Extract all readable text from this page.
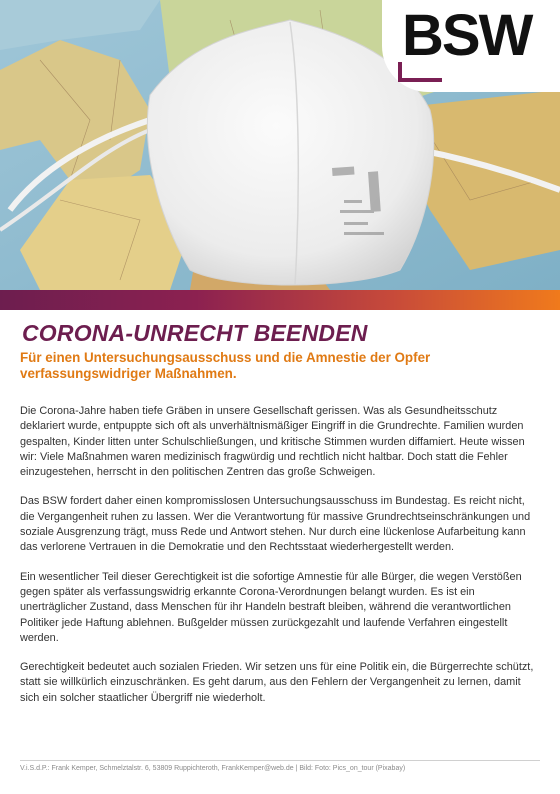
BSW
CORONA-UNRECHT BEENDEN
Für einen Untersuchungsausschuss und die Amnestie der Opfer verfassungswidriger Maßnahmen.

Die Corona-Jahre haben tiefe Gräben in unsere Gesellschaft gerissen. Was als Gesundheitsschutz deklariert wurde, entpuppte sich oft als unverhältnismäßiger Eingriff in die Grundrechte. Familien wurden gespalten, Kinder litten unter Schulschließungen, und kritische Stimmen wurden diffamiert. Heute wissen wir: Viele Maßnahmen waren medizinisch fragwürdig und rechtlich nicht haltbar. Doch statt die Fehler einzugestehen, herrscht in den politischen Zentren das große Schweigen.

Das BSW fordert daher einen kompromisslosen Untersuchungsausschuss im Bundestag. Es reicht nicht, die Vergangenheit ruhen zu lassen. Wer die Verantwortung für massive Grundrechtseinschränkungen und soziale Ausgrenzung trägt, muss Rede und Antwort stehen. Nur durch eine lückenlose Aufarbeitung kann das verlorene Vertrauen in die Demokratie und den Rechtsstaat wiederhergestellt werden.

Ein wesentlicher Teil dieser Gerechtigkeit ist die sofortige Amnestie für alle Bürger, die wegen Verstößen gegen später als verfassungswidrig erkannte Corona-Verordnungen belangt wurden. Es ist ein unerträglicher Zustand, dass Menschen für ihr Handeln bestraft bleiben, während die verantwortlichen Politiker jede Haftung ablehnen. Bußgelder müssen zurückgezahlt und laufende Verfahren eingestellt werden.

Gerechtigkeit bedeutet auch sozialen Frieden. Wir setzen uns für eine Politik ein, die Bürgerrechte schützt, statt sie willkürlich einzuschränken. Es geht darum, aus den Fehlern der Vergangenheit zu lernen, damit sich ein solcher staatlicher Übergriff nie wiederholt.

V.i.S.d.P.: Frank Kemper, Schmelztalstr. 6, 53809 Ruppichteroth, FrankKemper@web.de | Bild: Foto: Pics_on_tour (Pixabay)
